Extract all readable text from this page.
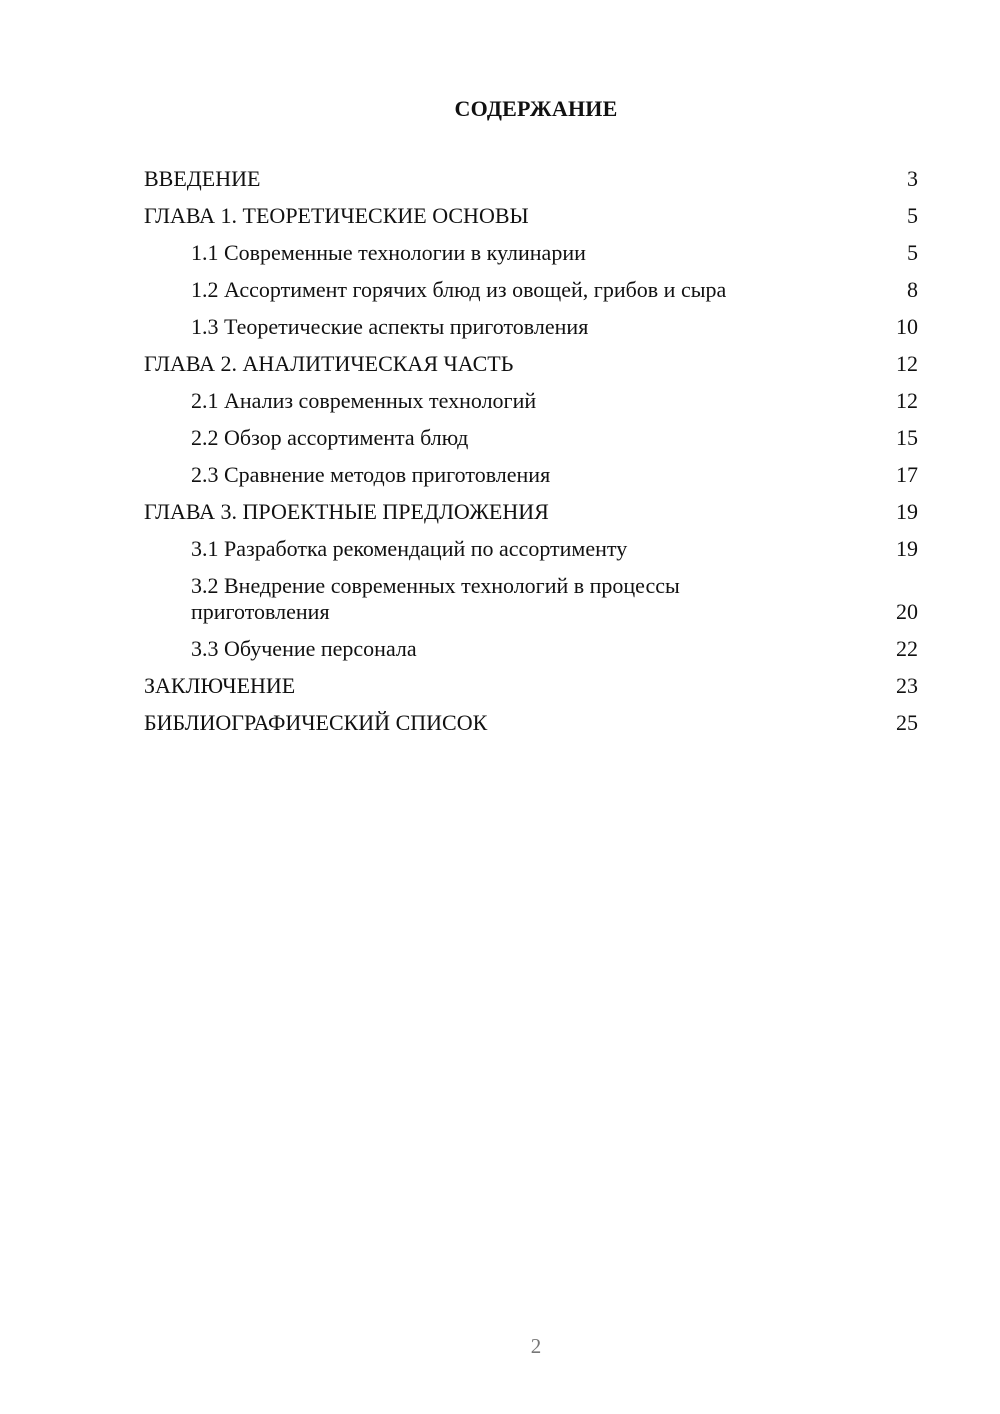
СОДЕРЖАНИЕ
ВВЕДЕНИЕ	3
ГЛАВА 1. ТЕОРЕТИЧЕСКИЕ ОСНОВЫ	5
1.1 Современные технологии в кулинарии	5
1.2 Ассортимент горячих блюд из овощей, грибов и сыра	8
1.3 Теоретические аспекты приготовления	10
ГЛАВА 2. АНАЛИТИЧЕСКАЯ ЧАСТЬ	12
2.1 Анализ современных технологий	12
2.2 Обзор ассортимента блюд	15
2.3 Сравнение методов приготовления	17
ГЛАВА 3. ПРОЕКТНЫЕ ПРЕДЛОЖЕНИЯ	19
3.1 Разработка рекомендаций по ассортименту	19
3.2 Внедрение современных технологий в процессы приготовления	20
3.3 Обучение персонала	22
ЗАКЛЮЧЕНИЕ	23
БИБЛИОГРАФИЧЕСКИЙ СПИСОК	25
2
